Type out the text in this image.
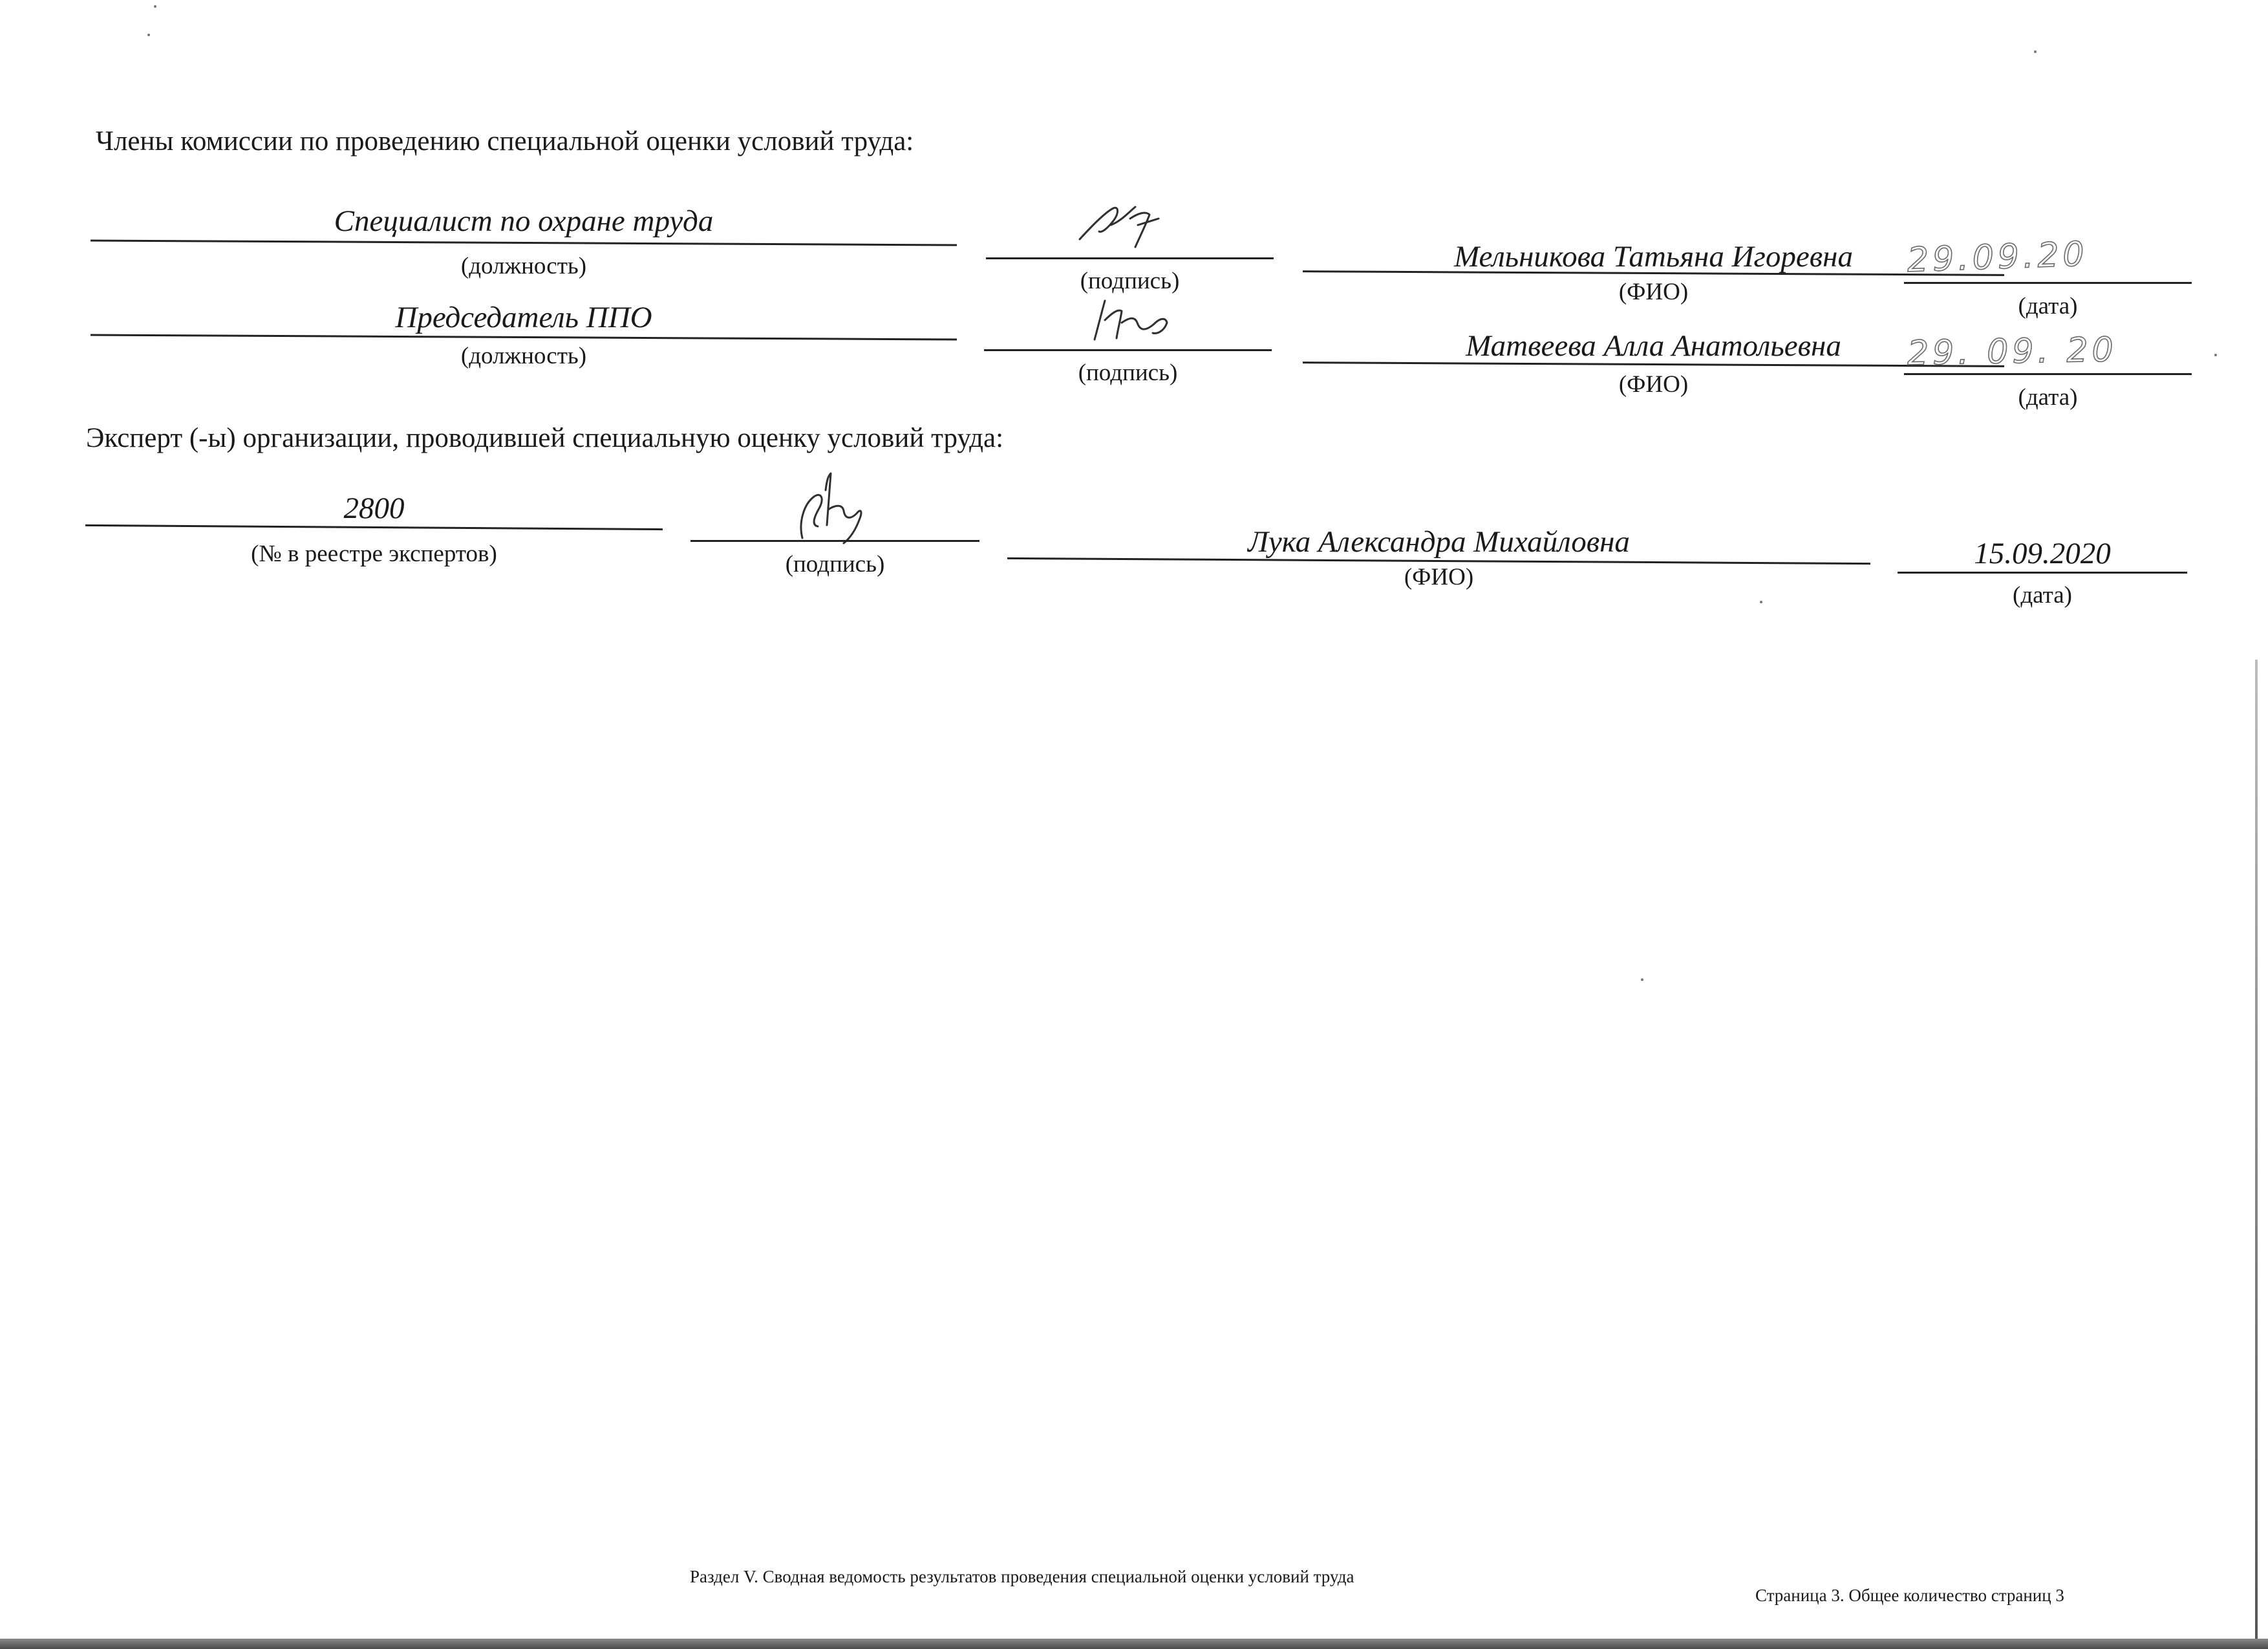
Члены комиссии по проведению специальной оценки условий труда:
Специалист по охране труда
(должность)
(подпись)
Мельникова Татьяна Игоревна
(ФИО)
29.09.20
(дата)
Председатель ППО
(должность)
(подпись)
Матвеева Алла Анатольевна
(ФИО)
29. 09. 20
(дата)
Эксперт (-ы) организации, проводившей специальную оценку условий труда:
2800
(№ в реестре экспертов)	(подпись)
Лука Александра Михайловна
(ФИО)
15.09.2020
(дата)
Раздел V. Сводная ведомость результатов проведения специальной оценки условий труда
Страница 3. Общее количество страниц 3
